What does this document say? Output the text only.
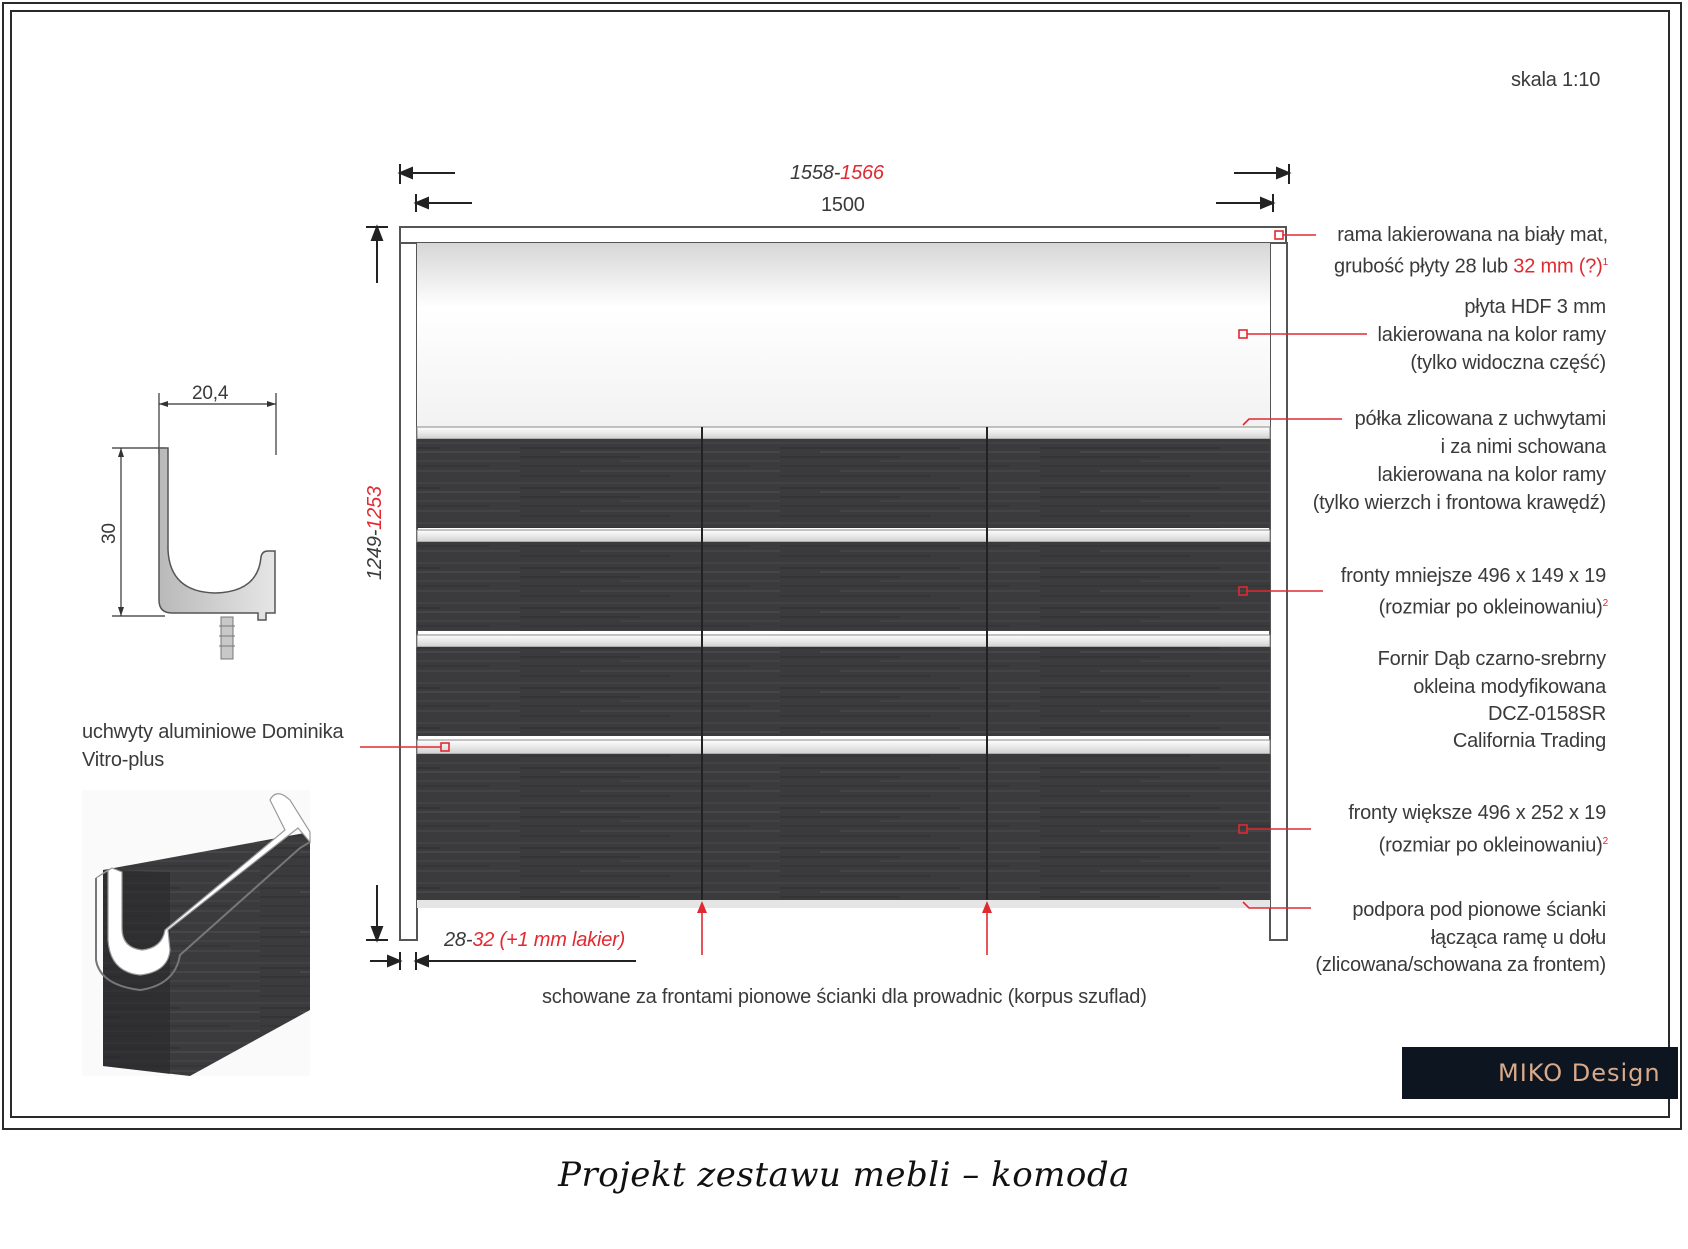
skala 1:10
1558-1566
1500
1249-1253
28-32 (+1 mm lakier)
20,4
30
rama lakierowana na biały mat,
grubość płyty 28 lub 32 mm (?)$^1$
płyta HDF 3 mm
lakierowana na kolor ramy
(tylko widoczna część)
półka zlicowana z uchwytami
i za nimi schowana
lakierowana na kolor ramy
(tylko wierzch i frontowa krawędź)
fronty mniejsze 496 x 149 x 19
(rozmiar po okleinowaniu)$^2$
Fornir Dąb czarno-srebrny
okleina modyfikowana
DCZ-0158SR
California Trading
fronty większe 496 x 252 x 19
(rozmiar po okleinowaniu)$^2$
podpora pod pionowe ścianki
łącząca ramę u dołu
(zlicowana/schowana za frontem)
uchwyty aluminiowe Dominika
Vitro-plus
schowane za frontami pionowe ścianki dla prowadnic (korpus szuflad)
MIKO Design
Projekt zestawu mebli – komoda
